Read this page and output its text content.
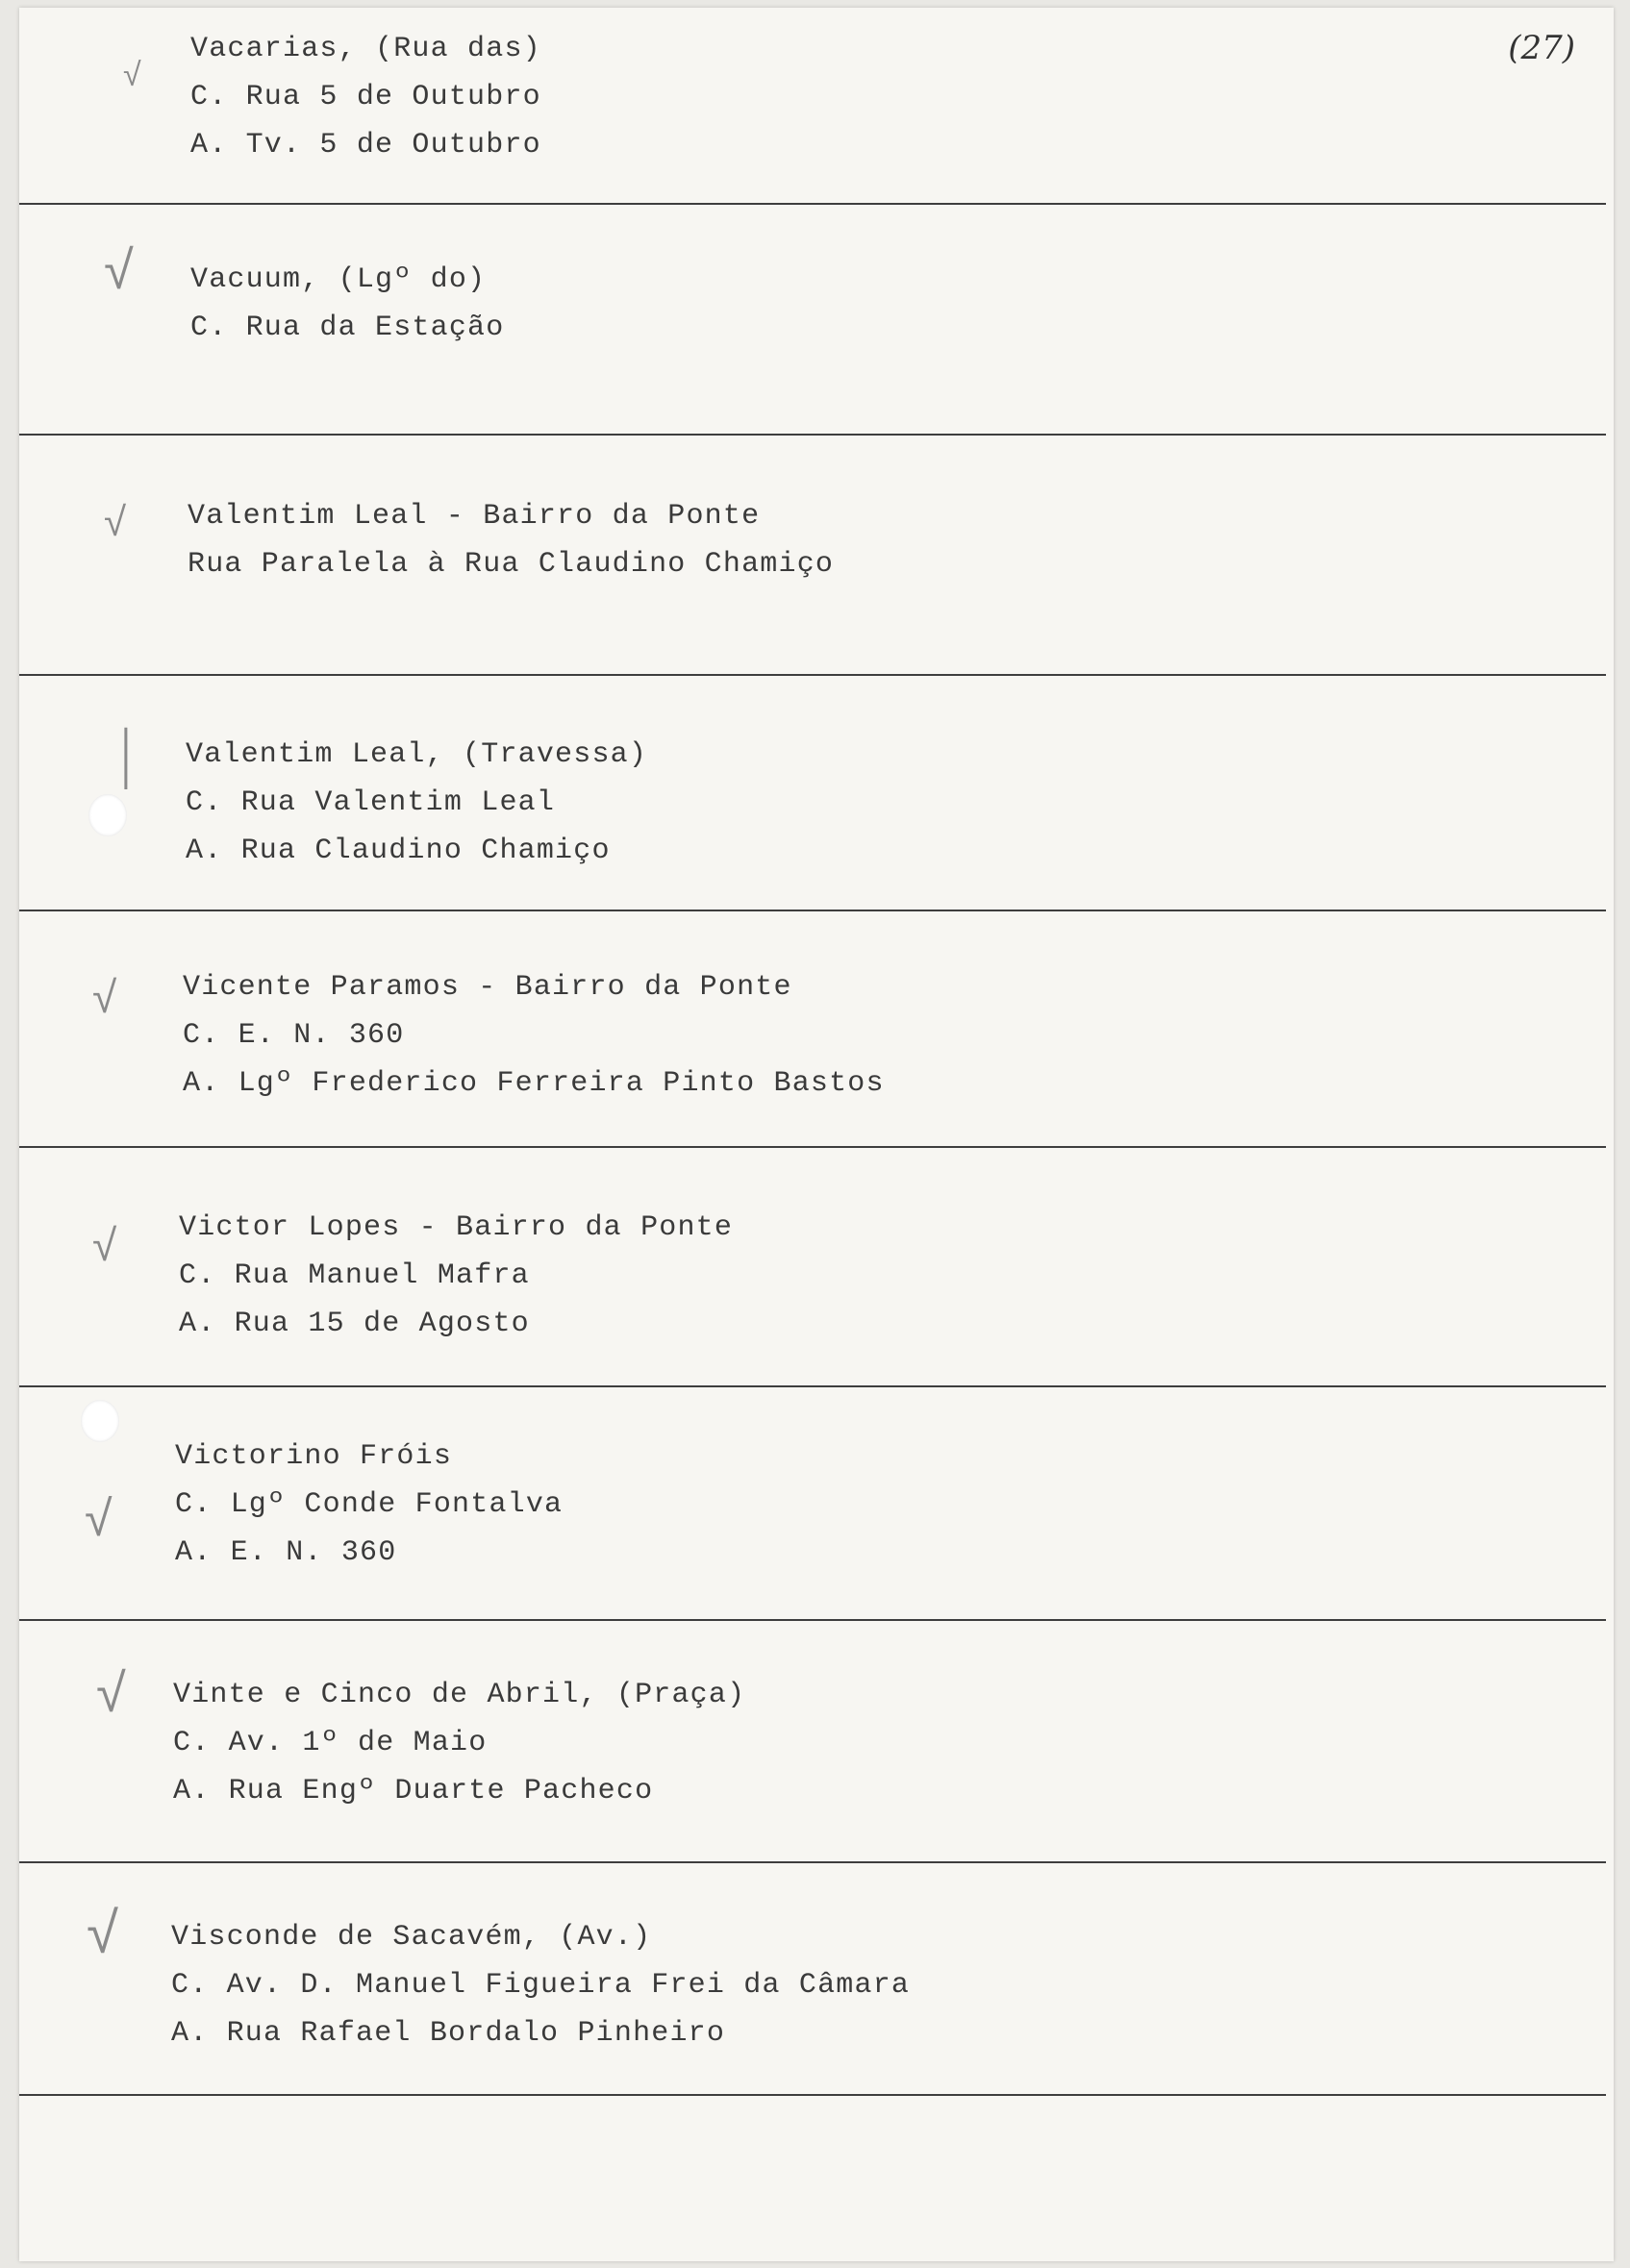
(27)
√
Vacarias, (Rua das)
C. Rua 5 de Outubro
A. Tv. 5 de Outubro
√ Vacuum, (Lgº do)
C. Rua da Estação
√ Valentim Leal - Bairro da Ponte
Rua Paralela à Rua Claudino Chamiço
| Valentim Leal, (Travessa)
C. Rua Valentim Leal
A. Rua Claudino Chamiço
√ Vicente Paramos - Bairro da Ponte
C. E. N. 360
A. Lgº Frederico Ferreira Pinto Bastos
√ Victor Lopes - Bairro da Ponte
C. Rua Manuel Mafra
A. Rua 15 de Agosto
√
Victorino Fróis
C. Lgº Conde Fontalva
A. E. N. 360
√ Vinte e Cinco de Abril, (Praça)
C. Av. 1º de Maio
A. Rua Engº Duarte Pacheco
√ Visconde de Sacavém, (Av.)
C. Av. D. Manuel Figueira Frei da Câmara
A. Rua Rafael Bordalo Pinheiro
